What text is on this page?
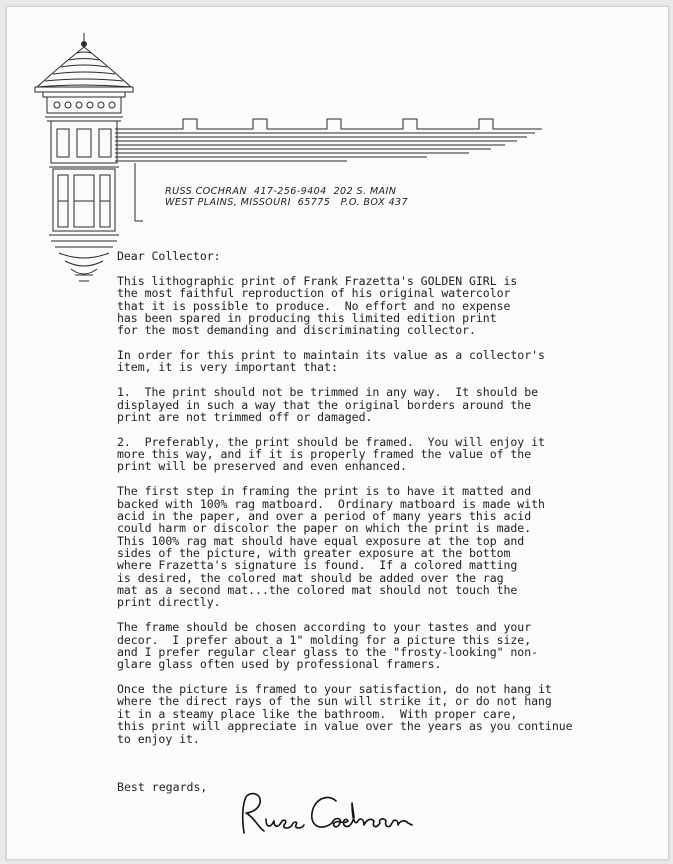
RUSS COCHRAN  417-256-9404  202 S. MAIN
WEST PLAINS, MISSOURI  65775   P.O. BOX 437

Dear Collector:

This lithographic print of Frank Frazetta's GOLDEN GIRL is
the most faithful reproduction of his original watercolor
that it is possible to produce.  No effort and no expense
has been spared in producing this limited edition print
for the most demanding and discriminating collector.

In order for this print to maintain its value as a collector's
item, it is very important that:

1.  The print should not be trimmed in any way.  It should be
displayed in such a way that the original borders around the
print are not trimmed off or damaged.

2.  Preferably, the print should be framed.  You will enjoy it
more this way, and if it is properly framed the value of the
print will be preserved and even enhanced.

The first step in framing the print is to have it matted and
backed with 100% rag matboard.  Ordinary matboard is made with
acid in the paper, and over a period of many years this acid
could harm or discolor the paper on which the print is made.
This 100% rag mat should have equal exposure at the top and
sides of the picture, with greater exposure at the bottom
where Frazetta's signature is found.  If a colored matting
is desired, the colored mat should be added over the rag
mat as a second mat...the colored mat should not touch the
print directly.

The frame should be chosen according to your tastes and your
decor.  I prefer about a 1" molding for a picture this size,
and I prefer regular clear glass to the "frosty-looking" non-
glare glass often used by professional framers.

Once the picture is framed to your satisfaction, do not hang it
where the direct rays of the sun will strike it, or do not hang
it in a steamy place like the bathroom.  With proper care,
this print will appreciate in value over the years as you continue
to enjoy it.

Best regards,
